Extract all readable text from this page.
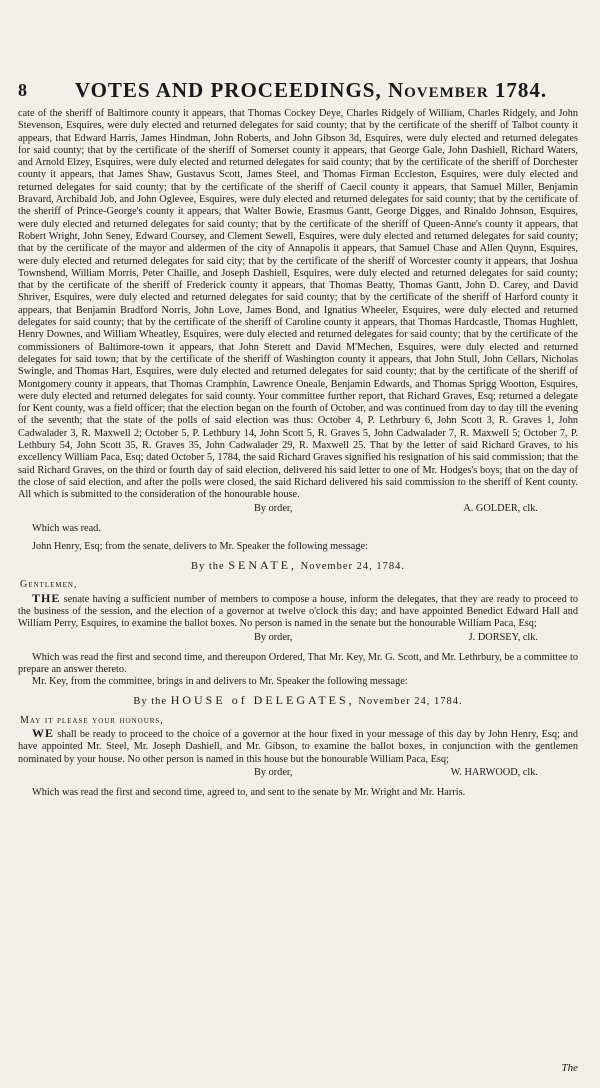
8	VOTES AND PROCEEDINGS, November 1784.

cate of the sheriff of Baltimore county it appears, that Thomas Cockey Deye, Charles Ridgely of William, Charles Ridgely, and John Stevenson, Esquires, were duly elected and returned delegates for said county; that by the certificate of the sheriff of Talbot county it appears, that Edward Harris, James Hindman, John Roberts, and John Gibson 3d, Esquires, were duly elected and returned delegates for said county; that by the certificate of the sheriff of Somerset county it appears, that George Gale, John Dashiell, Richard Waters, and Arnold Elzey, Esquires, were duly elected and returned delegates for said county; that by the certificate of the sheriff of Dorchester county it appears, that James Shaw, Gustavus Scott, James Steel, and Thomas Firman Eccleston, Esquires, were duly elected and returned delegates for said county; that by the certificate of the sheriff of Caecil county it appears, that Samuel Miller, Benjamin Bravard, Archibald Job, and John Oglevee, Esquires, were duly elected and returned delegates for said county; that by the certificate of the sheriff of Prince-George's county it appears, that Walter Bowie, Erasmus Gantt, George Digges, and Rinaldo Johnson, Esquires, were duly elected and returned delegates for said county; that by the certificate of the sheriff of Queen-Anne's county it appears, that Robert Wright, John Seney, Edward Coursey, and Clement Sewell, Esquires, were duly elected and returned delegates for said county; that by the certificate of the mayor and aldermen of the city of Annapolis it appears, that Samuel Chase and Allen Quynn, Esquires, were duly elected and returned delegates for said city; that by the certificate of the sheriff of Worcester county it appears, that Joshua Townshend, William Morris, Peter Chaille, and Joseph Dashiell, Esquires, were duly elected and returned delegates for said county; that by the certificate of the sheriff of Frederick county it appears, that Thomas Beatty, Thomas Gantt, John D. Carey, and David Shriver, Esquires, were duly elected and returned delegates for said county; that by the certificate of the sheriff of Harford county it appears, that Benjamin Bradford Norris, John Love, James Bond, and Ignatius Wheeler, Esquires, were duly elected and returned delegates for said county; that by the certificate of the sheriff of Caroline county it appears, that Thomas Hardcastle, Thomas Hughlett, Henry Downes, and William Wheatley, Esquires, were duly elected and returned delegates for said county; that by the certificate of the commissioners of Baltimore-town it appears, that John Sterett and David M'Mechen, Esquires, were duly elected and returned delegates for said town; that by the certificate of the sheriff of Washington county it appears, that John Stull, John Cellars, Nicholas Swingle, and Thomas Hart, Esquires, were duly elected and returned delegates for said county; that by the certificate of the sheriff of Montgomery county it appears, that Thomas Cramphin, Lawrence Oneale, Benjamin Edwards, and Thomas Sprigg Wootton, Esquires, were duly elected and returned delegates for said county. Your committee further report, that Richard Graves, Esq; returned a delegate for Kent county, was a field officer; that the election began on the fourth of October, and was continued from day to day till the evening of the seventh; that the state of the polls of said election was thus: October 4, P. Lethrbury 6, John Scott 3, R. Graves 1, John Cadwalader 3, R. Maxwell 2; October 5, P. Lethbury 14, John Scott 5, R. Graves 5, John Cadwalader 7, R. Maxwell 5; October 7, P. Lethbury 54, John Scott 35, R. Graves 35, John Cadwalader 29, R. Maxwell 25. That by the letter of said Richard Graves, to his excellency William Paca, Esq; dated October 5, 1784, the said Richard Graves signified his resignation of his said commission; that the said Richard Graves, on the third or fourth day of said election, delivered his said letter to one of Mr. Hodges's boys; that on the day of the close of said election, and after the polls were closed, the said Richard delivered his said commission to the sheriff of Kent county. All which is submitted to the consideration of the honourable house.

By order,	A. GOLDER, clk.

Which was read.

John Henry, Esq; from the senate, delivers to Mr. Speaker the following message:

By the SENATE, November 24, 1784.

Gentlemen,

THE senate having a sufficient number of members to compose a house, inform the delegates, that they are ready to proceed to the business of the session, and the election of a governor at twelve o'clock this day; and have appointed Benedict Edward Hall and William Perry, Esquires, to examine the ballot boxes. No person is named in the senate but the honourable William Paca, Esq;

By order,	J. DORSEY, clk.

Which was read the first and second time, and thereupon Ordered, That Mr. Key, Mr. G. Scott, and Mr. Lethrbury, be a committee to prepare an answer thereto.

Mr. Key, from the committee, brings in and delivers to Mr. Speaker the following message:

By the HOUSE of DELEGATES, November 24, 1784.

May it please your honours,

WE shall be ready to proceed to the choice of a governor at the hour fixed in your message of this day by John Henry, Esq; and have appointed Mr. Steel, Mr. Joseph Dashiell, and Mr. Gibson, to examine the ballot boxes, in conjunction with the gentlemen nominated by your house. No other person is named in this house but the honourable William Paca, Esq;

By order,	W. HARWOOD, clk.

Which was read the first and second time, agreed to, and sent to the senate by Mr. Wright and Mr. Harris.

The
